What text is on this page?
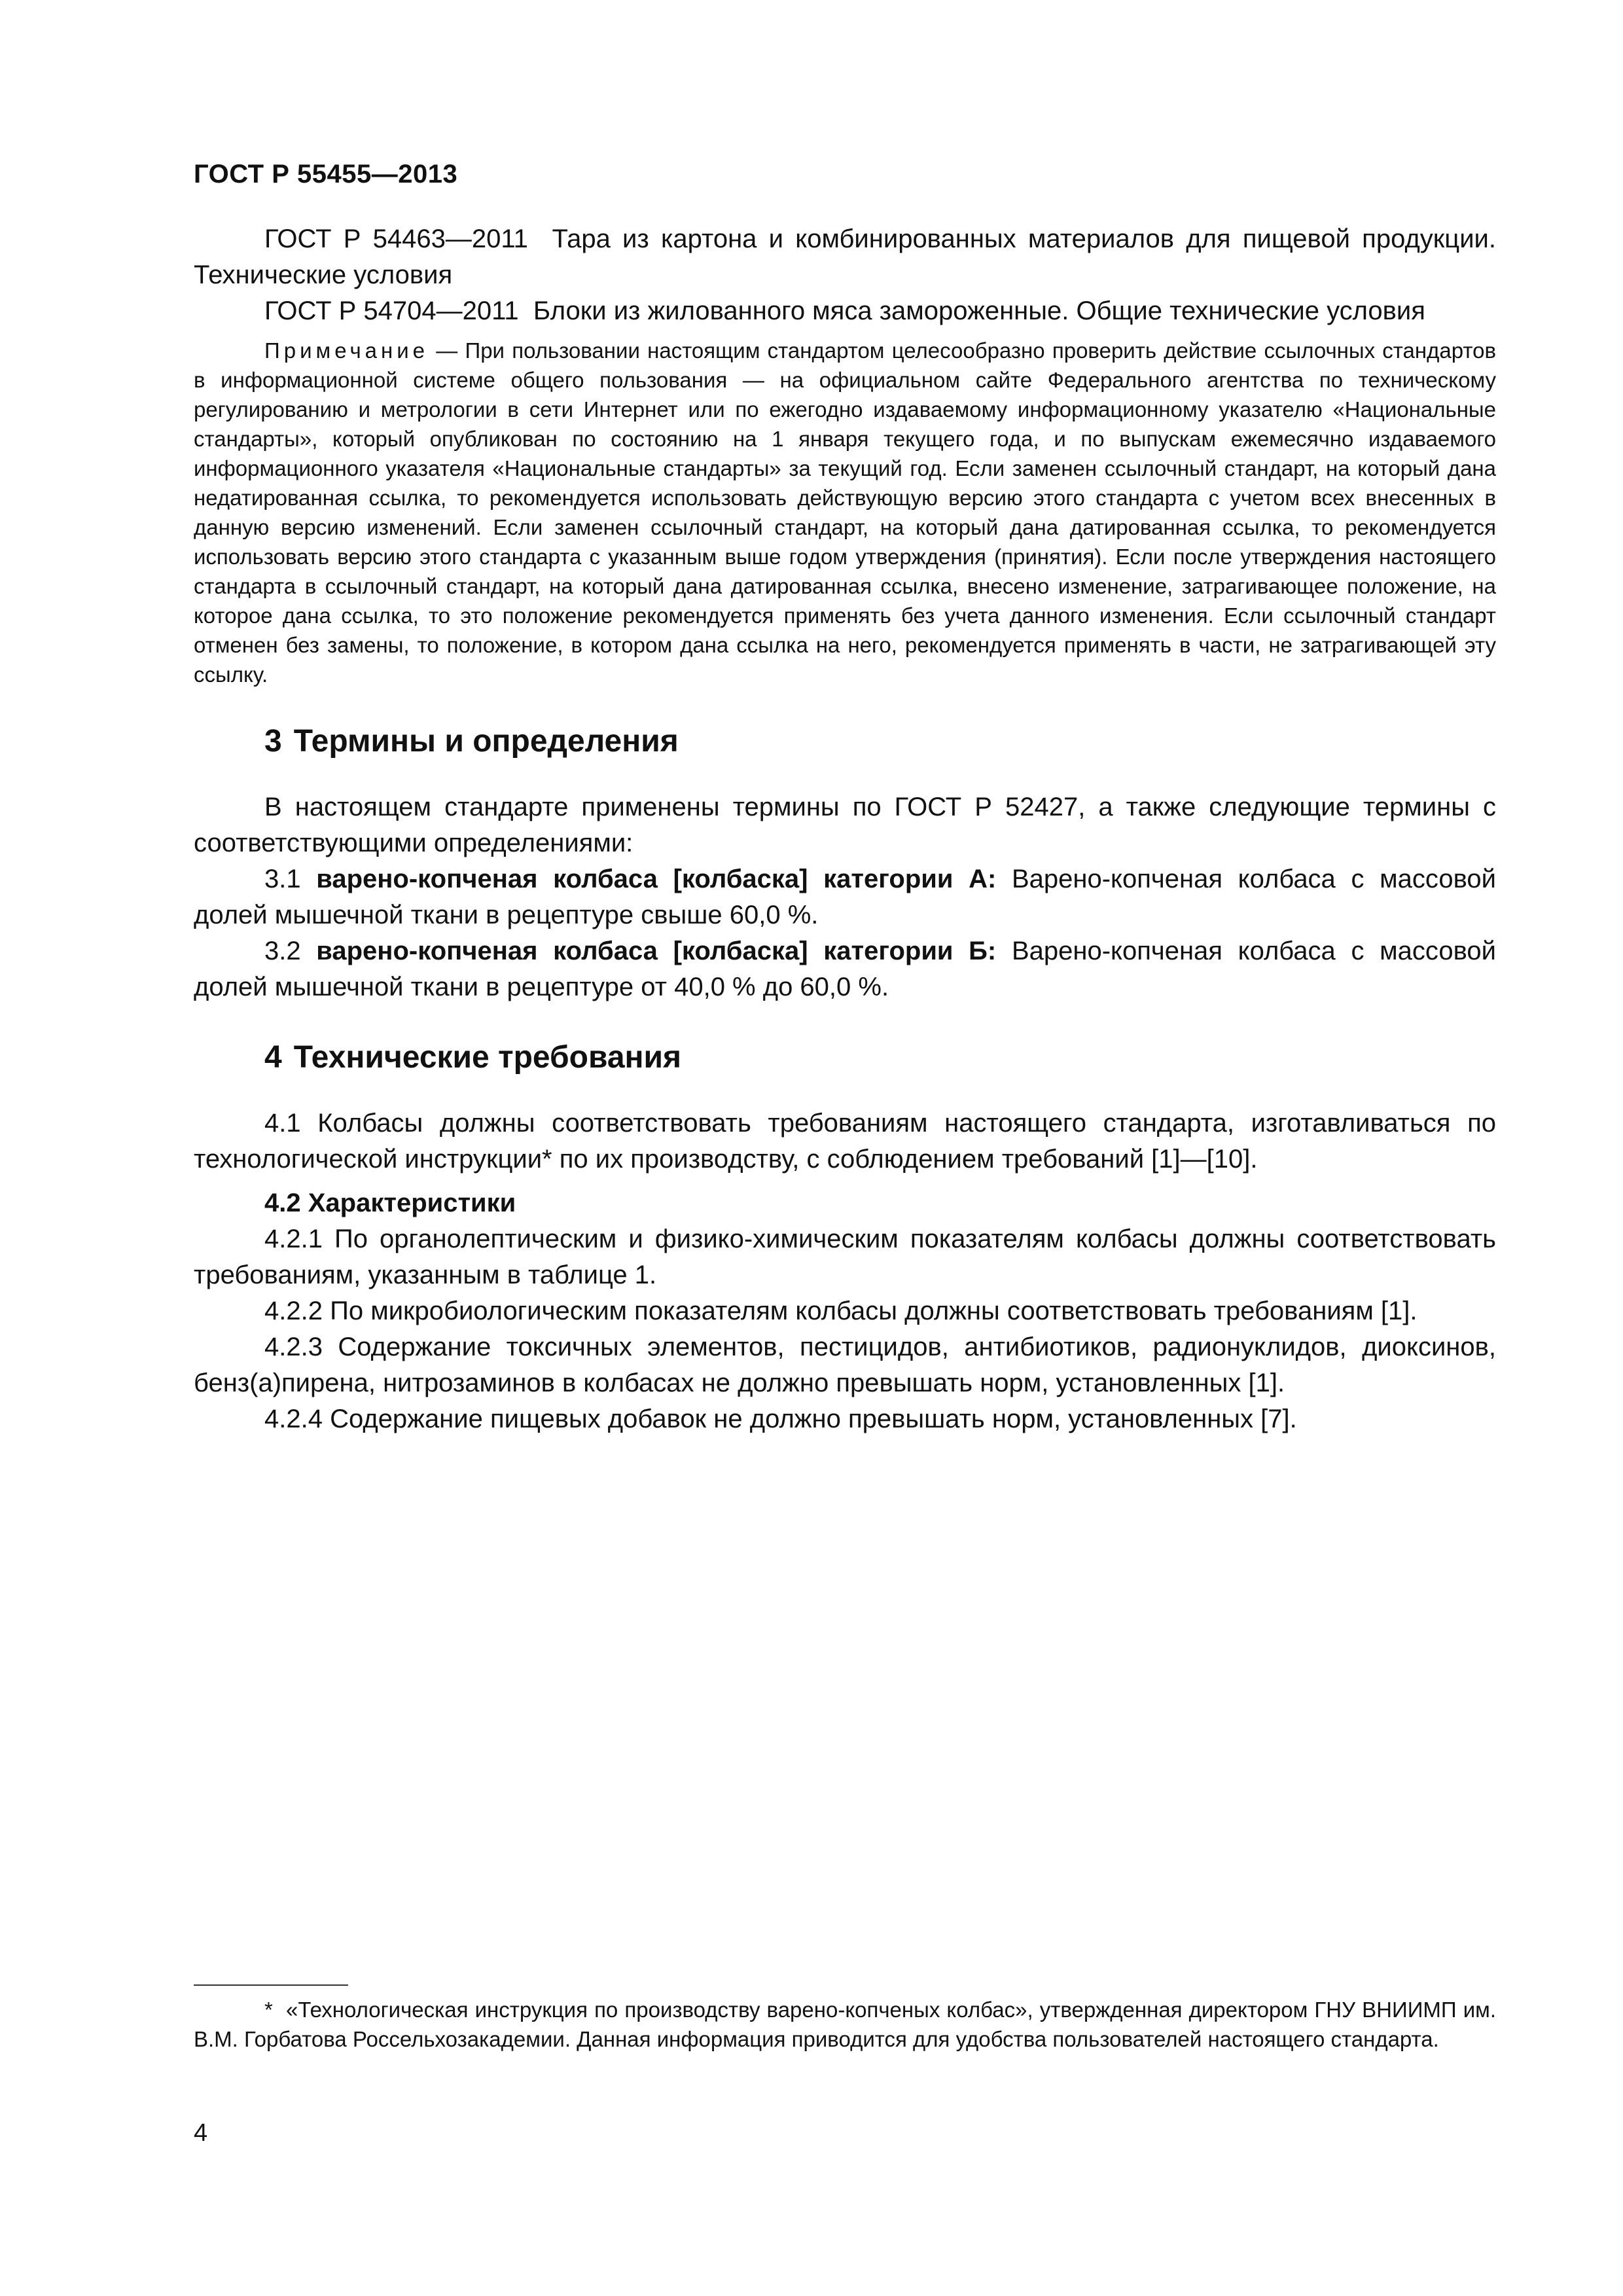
ГОСТ Р 55455—2013

ГОСТ Р 54463—2011 Тара из картона и комбинированных материалов для пищевой продукции. Технические условия

ГОСТ Р 54704—2011 Блоки из жилованного мяса замороженные. Общие технические условия

Примечание — При пользовании настоящим стандартом целесообразно проверить действие ссылочных стандартов в информационной системе общего пользования — на официальном сайте Федерального агентства по техническому регулированию и метрологии в сети Интернет или по ежегодно издаваемому информационному указателю «Национальные стандарты», который опубликован по состоянию на 1 января текущего года, и по выпускам ежемесячно издаваемого информационного указателя «Национальные стандарты» за текущий год. Если заменен ссылочный стандарт, на который дана недатированная ссылка, то рекомендуется использовать действующую версию этого стандарта с учетом всех внесенных в данную версию изменений. Если заменен ссылочный стандарт, на который дана датированная ссылка, то рекомендуется использовать версию этого стандарта с указанным выше годом утверждения (принятия). Если после утверждения настоящего стандарта в ссылочный стандарт, на который дана датированная ссылка, внесено изменение, затрагивающее положение, на которое дана ссылка, то это положение рекомендуется применять без учета данного изменения. Если ссылочный стандарт отменен без замены, то положение, в котором дана ссылка на него, рекомендуется применять в части, не затрагивающей эту ссылку.

3 Термины и определения

В настоящем стандарте применены термины по ГОСТ Р 52427, а также следующие термины с соответствующими определениями:

3.1 варено-копченая колбаса [колбаска] категории А: Варено-копченая колбаса с массовой долей мышечной ткани в рецептуре свыше 60,0 %.

3.2 варено-копченая колбаса [колбаска] категории Б: Варено-копченая колбаса с массовой долей мышечной ткани в рецептуре от 40,0 % до 60,0 %.

4 Технические требования

4.1 Колбасы должны соответствовать требованиям настоящего стандарта, изготавливаться по технологической инструкции* по их производству, с соблюдением требований [1]—[10].

4.2 Характеристики

4.2.1 По органолептическим и физико-химическим показателям колбасы должны соответствовать требованиям, указанным в таблице 1.

4.2.2 По микробиологическим показателям колбасы должны соответствовать требованиям [1].

4.2.3 Содержание токсичных элементов, пестицидов, антибиотиков, радионуклидов, диоксинов, бенз(а)пирена, нитрозаминов в колбасах не должно превышать норм, установленных [1].

4.2.4 Содержание пищевых добавок не должно превышать норм, установленных [7].

* «Технологическая инструкция по производству варено-копченых колбас», утвержденная директором ГНУ ВНИИМП им. В.М. Горбатова Россельхозакадемии. Данная информация приводится для удобства пользователей настоящего стандарта.

4
